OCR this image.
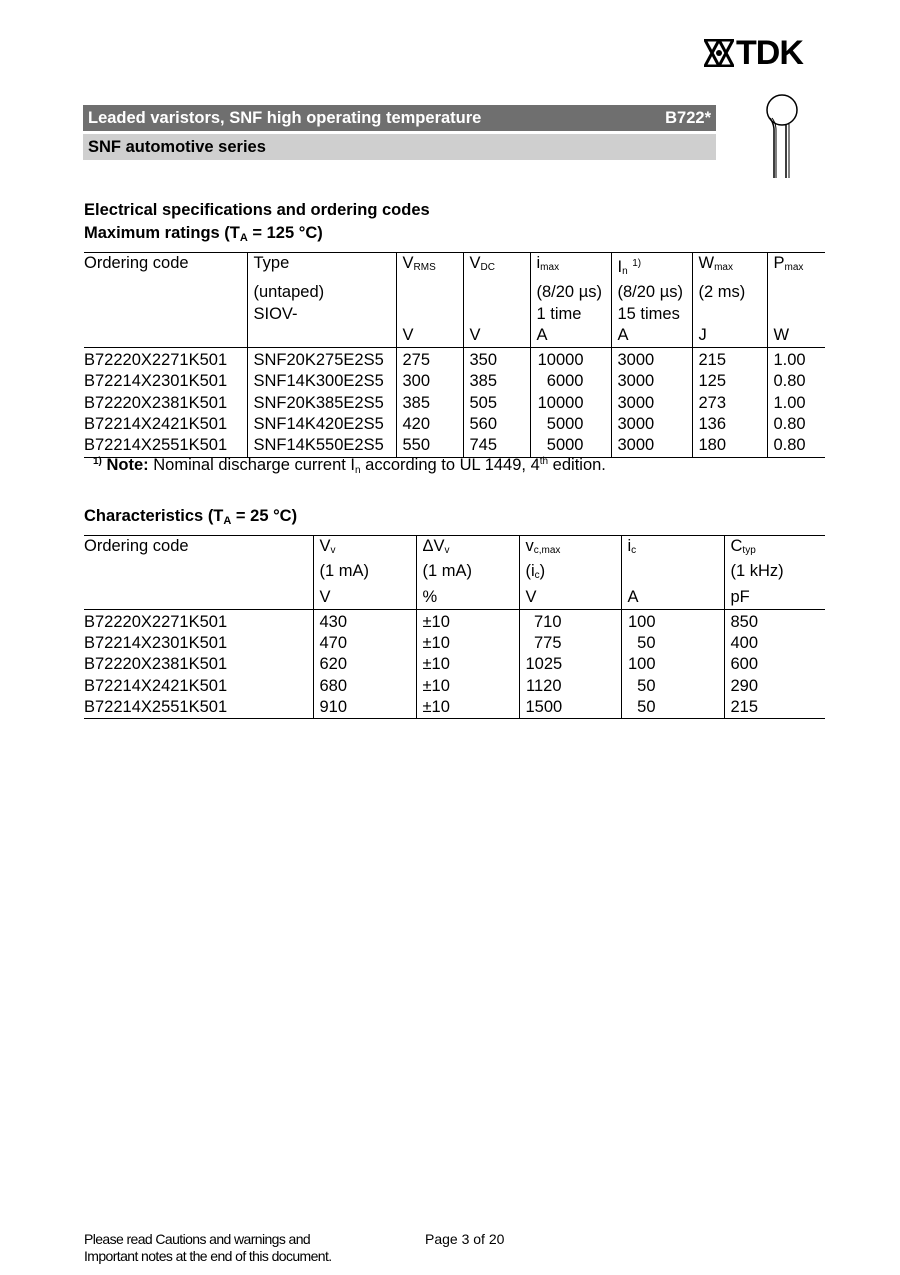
TDK
Leaded varistors, SNF high operating temperature	B722*
SNF automotive series
Electrical specifications and ordering codes
Maximum ratings ($T_A = 125$ °C)
Ordering code	Type	$V_{RMS}$	$V_{DC}$	$i_{max}$	$I_n$ $^{1)}$	$W_{max}$	$P_{max}$
	(untaped)			(8/20 µs)	(8/20 µs)	(2 ms)	
	SIOV-			1 time	15 times		
		V	V	A	A	J	W
B72220X2271K501	SNF20K275E2S5	275	350	10000	3000	215	1.00
B72214X2301K501	SNF14K300E2S5	300	385	6000	3000	125	0.80
B72220X2381K501	SNF20K385E2S5	385	505	10000	3000	273	1.00
B72214X2421K501	SNF14K420E2S5	420	560	5000	3000	136	0.80
B72214X2551K501	SNF14K550E2S5	550	745	5000	3000	180	0.80
$^{1)}$ Note: Nominal discharge current $I_n$ according to UL 1449, 4th edition.
Characteristics ($T_A = 25$ °C)
Ordering code	$V_v$	$\Delta V_v$	$v_{c,max}$	$i_c$	$C_{typ}$
	(1 mA)	(1 mA)	$(i_c)$		(1 kHz)
	V	%	V	A	pF
B72220X2271K501	430	±10	710	100	850
B72214X2301K501	470	±10	775	50	400
B72220X2381K501	620	±10	1025	100	600
B72214X2421K501	680	±10	1120	50	290
B72214X2551K501	910	±10	1500	50	215
Please read Cautions and warnings and
Important notes at the end of this document.
Page 3 of 20
